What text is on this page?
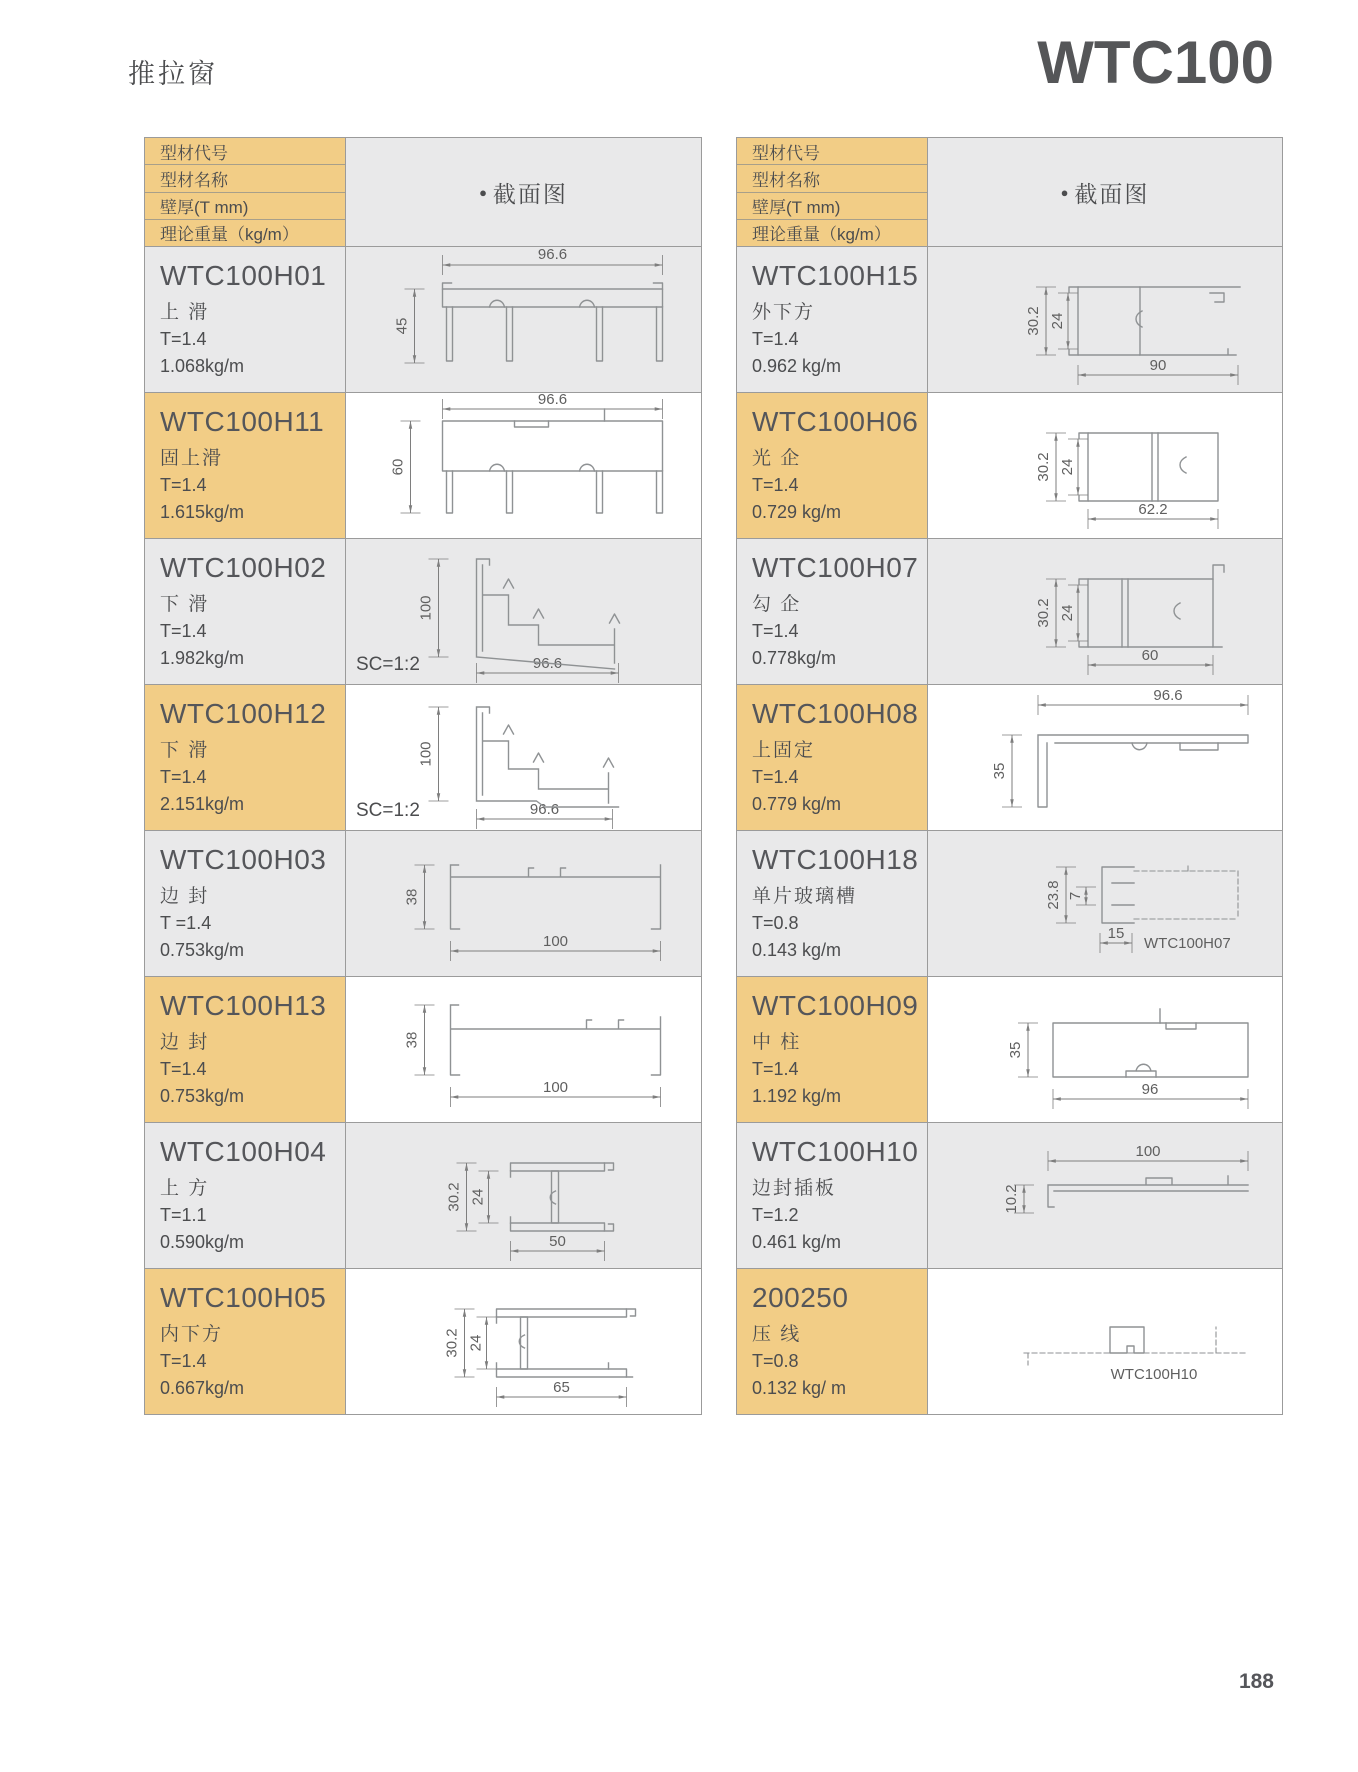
推拉窗	WTC100
型材代号
型材名称
壁厚(T mm)
理论重量（kg/m）
● 截面图
WTC100H01
上 滑
T=1.4
1.068kg/m
96.6
45
WTC100H11
固上滑
T=1.4
1.615kg/m
96.6
60
WTC100H02
下 滑
T=1.4
1.982kg/m
100
96.6
SC=1:2
WTC100H12
下 滑
T=1.4
2.151kg/m
100
96.6
SC=1:2
WTC100H03
边 封
T =1.4
0.753kg/m
38
100
WTC100H13
边 封
T=1.4
0.753kg/m
38
100
WTC100H04
上 方
T=1.1
0.590kg/m
30.2 24
50
WTC100H05
内下方
T=1.4
0.667kg/m
30.2 24
65
型材代号
型材名称
壁厚(T mm)
理论重量（kg/m）
● 截面图
WTC100H15
外下方
T=1.4
0.962 kg/m
30.2 24
90
WTC100H06
光 企
T=1.4
0.729 kg/m
30.2 24
62.2
WTC100H07
勾 企
T=1.4
0.778kg/m
30.2 24
60
WTC100H08
上固定
T=1.4
0.779 kg/m
96.6
35
WTC100H18
单片玻璃槽
T=0.8
0.143 kg/m
23.8 7
15
WTC100H07
WTC100H09
中 柱
T=1.4
1.192 kg/m
35
96
WTC100H10
边封插板
T=1.2
0.461 kg/m
100
10.2
200250
压 线
T=0.8
0.132 kg/ m
WTC100H10
188
